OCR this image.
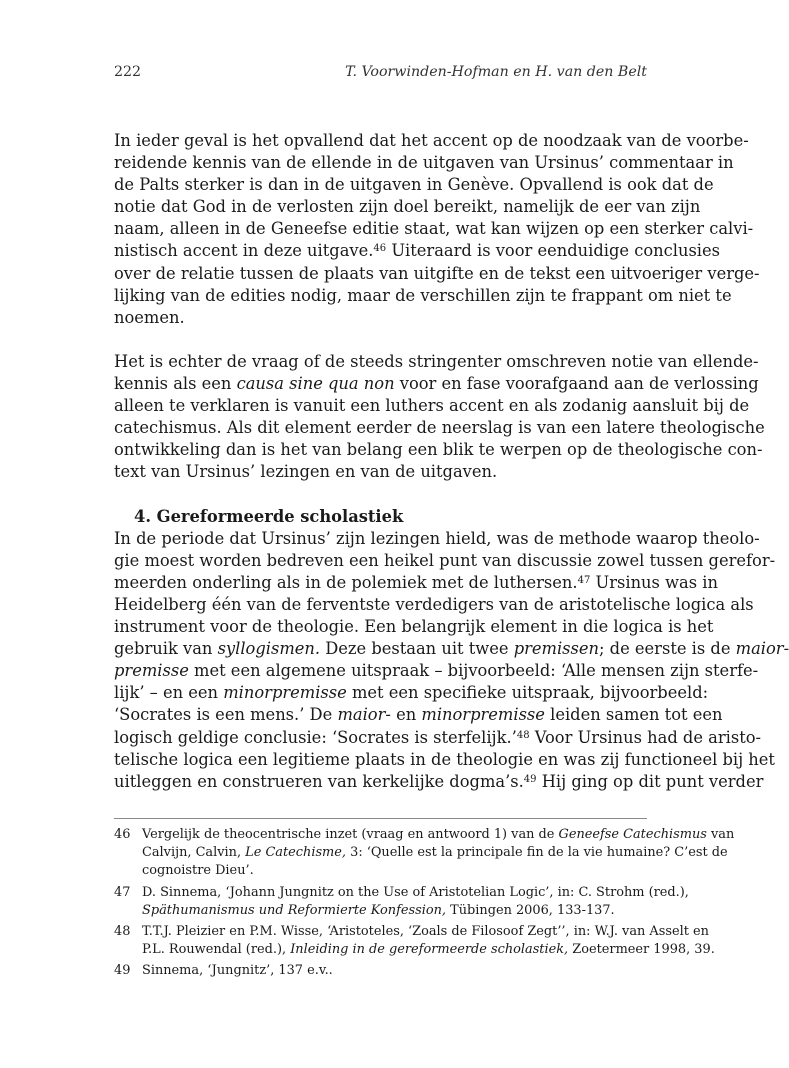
222	T. Voorwinden-Hofman en H. van den Belt
In ieder geval is het opvallend dat het accent op de noodzaak van de voorbe-
reidende kennis van de ellende in de uitgaven van Ursinus’ commentaar in
de Palts sterker is dan in de uitgaven in Genève. Opvallend is ook dat de
notie dat God in de verlosten zijn doel bereikt, namelijk de eer van zijn
naam, alleen in de Geneefse editie staat, wat kan wijzen op een sterker calvi-
nistisch accent in deze uitgave.$^{46}$ Uiteraard is voor eenduidige conclusies
over de relatie tussen de plaats van uitgifte en de tekst een uitvoeriger verge-
lijking van de edities nodig, maar de verschillen zijn te frappant om niet te
noemen.
Het is echter de vraag of de steeds stringenter omschreven notie van ellende-
kennis als een causa sine qua non voor en fase voorafgaand aan de verlossing
alleen te verklaren is vanuit een luthers accent en als zodanig aansluit bij de
catechismus. Als dit element eerder de neerslag is van een latere theologische
ontwikkeling dan is het van belang een blik te werpen op de theologische con-
text van Ursinus’ lezingen en van de uitgaven.
4. Gereformeerde scholastiek
In de periode dat Ursinus’ zijn lezingen hield, was de methode waarop theolo-
gie moest worden bedreven een heikel punt van discussie zowel tussen gerefor-
meerden onderling als in de polemiek met de luthersen.$^{47}$ Ursinus was in
Heidelberg één van de ferventste verdedigers van de aristotelische logica als
instrument voor de theologie. Een belangrijk element in die logica is het
gebruik van syllogismen. Deze bestaan uit twee premissen; de eerste is de maior-
premisse met een algemene uitspraak – bijvoorbeeld: ‘Alle mensen zijn sterfe-
lijk’ – en een minorpremisse met een specifieke uitspraak, bijvoorbeeld:
‘Socrates is een mens.’ De maior- en minorpremisse leiden samen tot een
logisch geldige conclusie: ‘Socrates is sterfelijk.’$^{48}$ Voor Ursinus had de aristo-
telische logica een legitieme plaats in de theologie en was zij functioneel bij het
uitleggen en construeren van kerkelijke dogma’s.$^{49}$ Hij ging op dit punt verder
46 Vergelijk de theocentrische inzet (vraag en antwoord 1) van de Geneefse Catechismus van
Calvijn, Calvin, Le Catechisme, 3: ‘Quelle est la principale fin de la vie humaine? C’est de
cognoistre Dieu’.
47 D. Sinnema, ‘Johann Jungnitz on the Use of Aristotelian Logic’, in: C. Strohm (red.),
Späthumanismus und Reformierte Konfession, Tübingen 2006, 133-137.
48 T.T.J. Pleizier en P.M. Wisse, ‘Aristoteles, ‘Zoals de Filosoof Zegt’’, in: W.J. van Asselt en
P.L. Rouwendal (red.), Inleiding in de gereformeerde scholastiek, Zoetermeer 1998, 39.
49 Sinnema, ‘Jungnitz’, 137 e.v..
